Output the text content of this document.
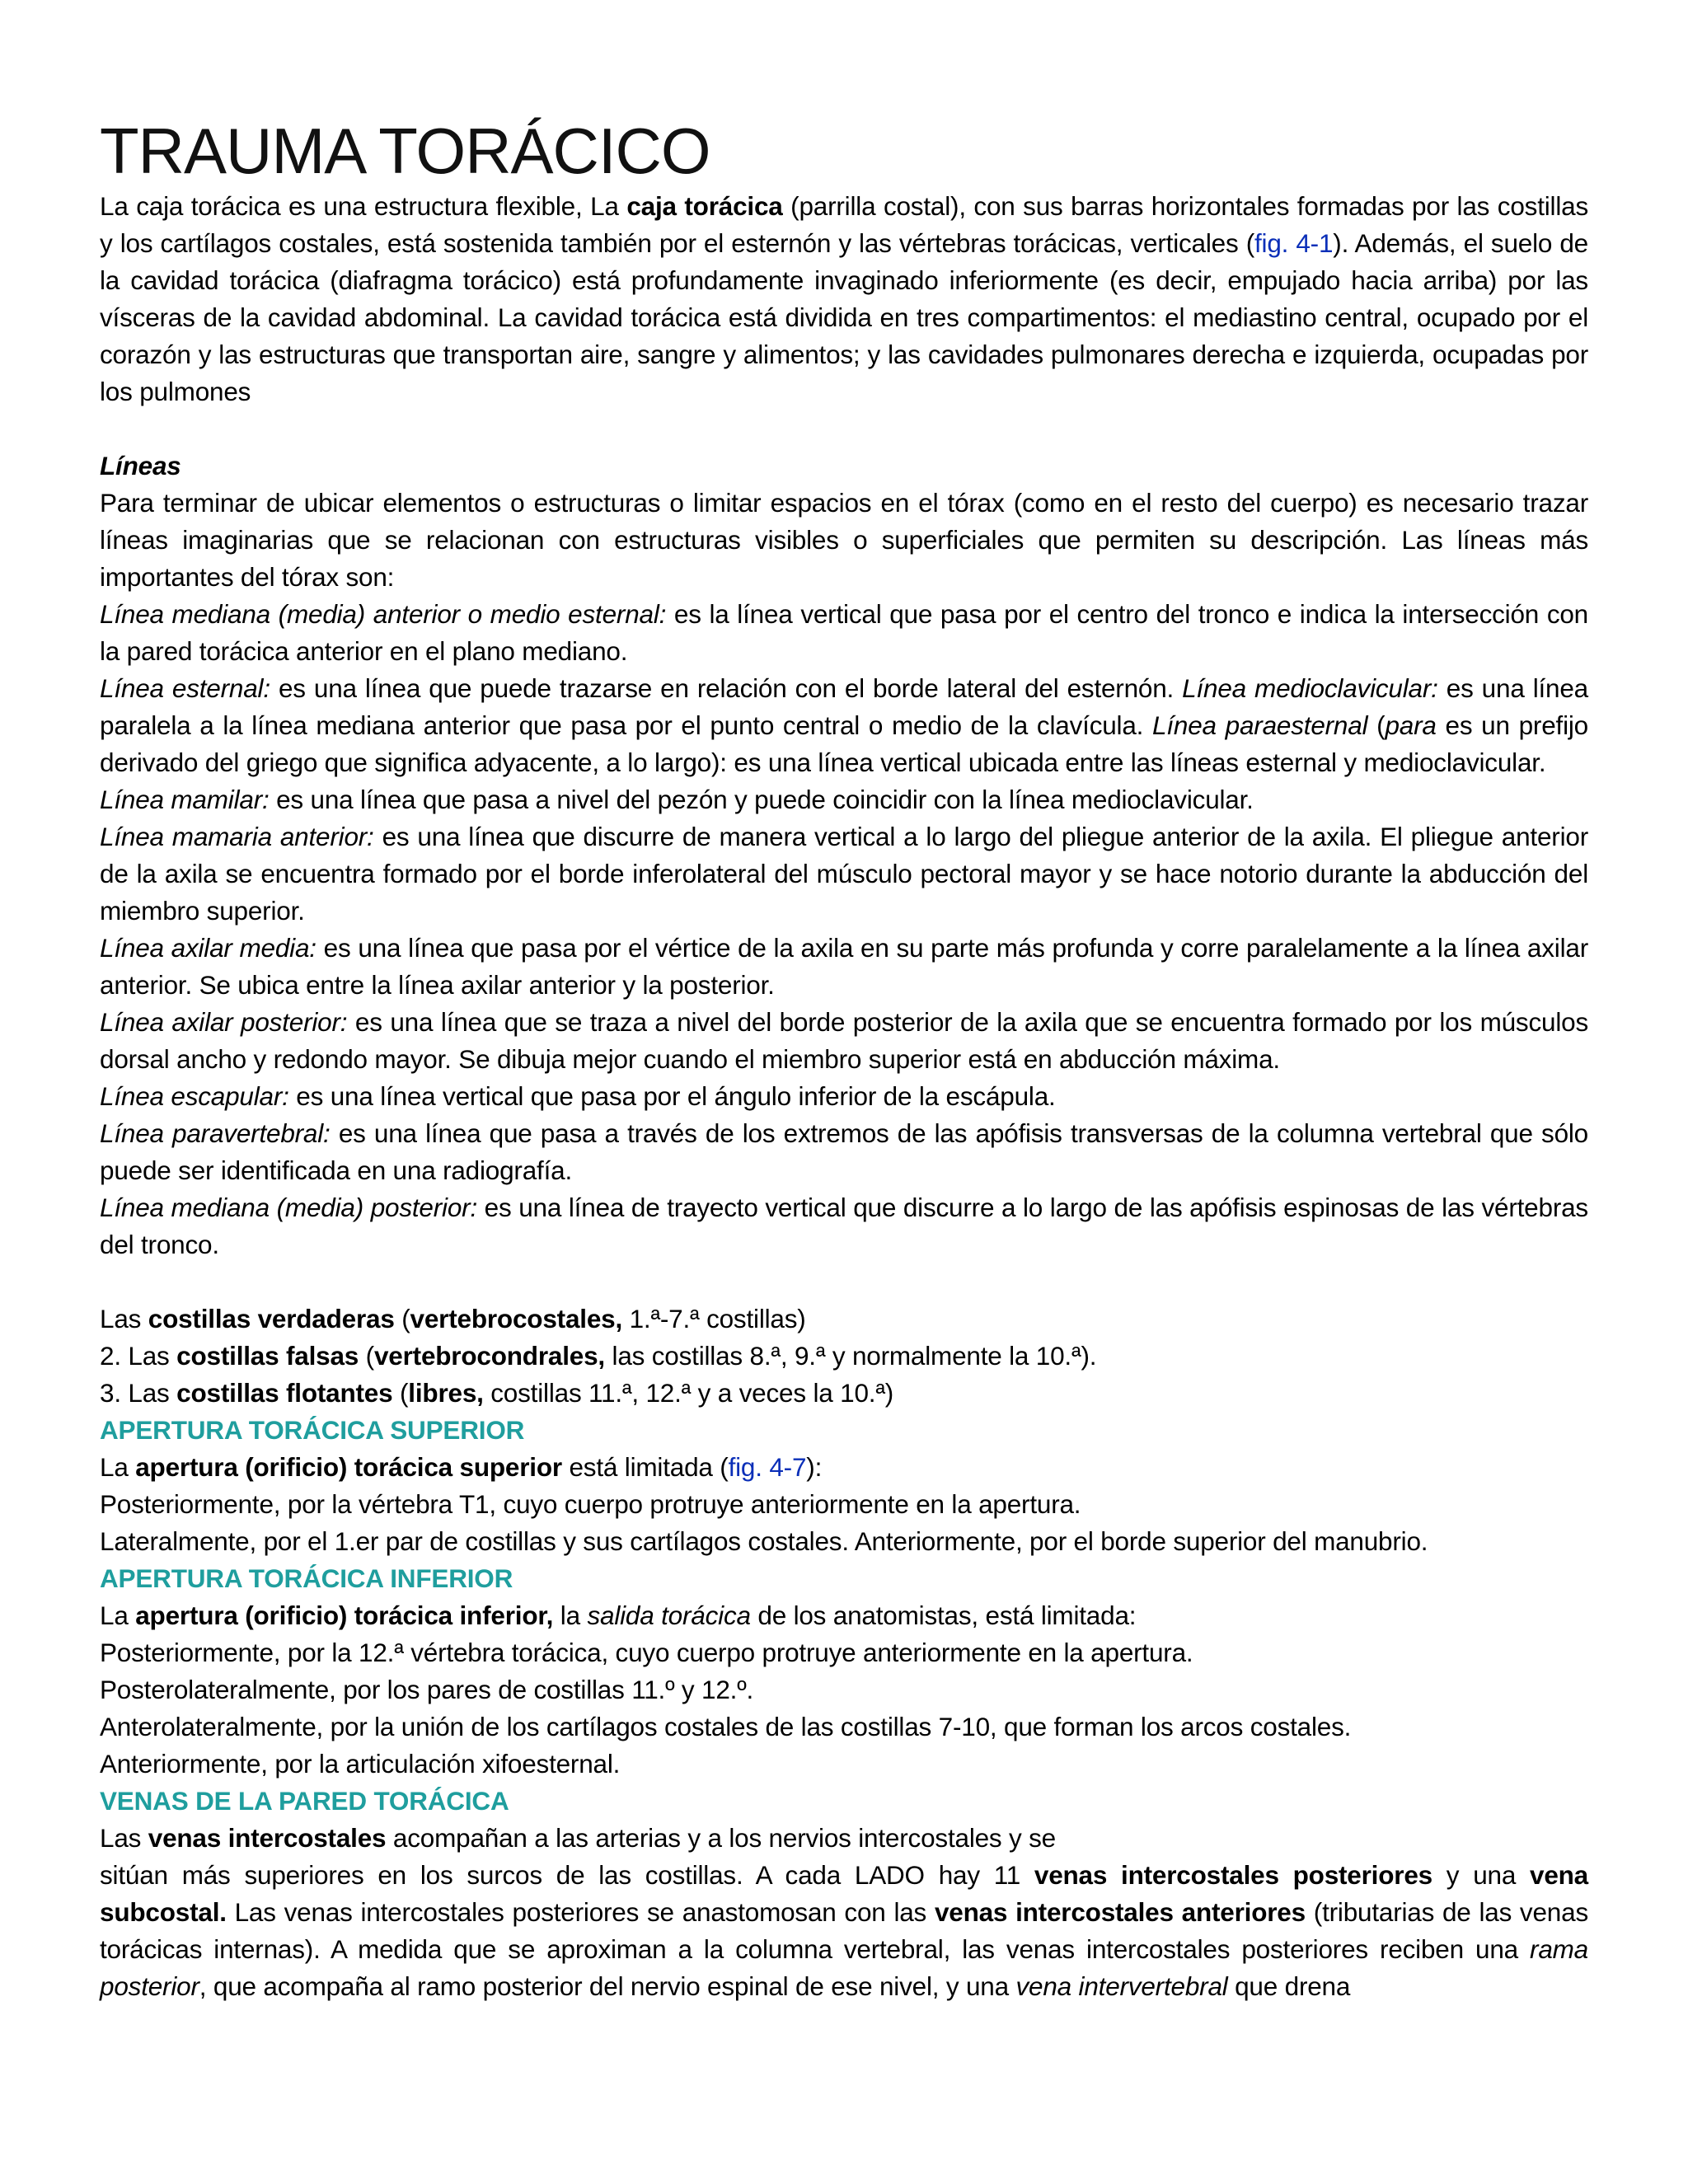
TRAUMA TORÁCICO

La caja torácica es una estructura flexible, La caja torácica (parrilla costal), con sus barras horizontales formadas por las costillas y los cartílagos costales, está sostenida también por el esternón y las vértebras torácicas, verticales (fig. 4-1). Además, el suelo de la cavidad torácica (diafragma torácico) está profundamente invaginado inferiormente (es decir, empujado hacia arriba) por las vísceras de la cavidad abdominal. La cavidad torácica está dividida en tres compartimentos: el mediastino central, ocupado por el corazón y las estructuras que transportan aire, sangre y alimentos; y las cavidades pulmonares derecha e izquierda, ocupadas por los pulmones

Líneas

Para terminar de ubicar elementos o estructuras o limitar espacios en el tórax (como en el resto del cuerpo) es necesario trazar líneas imaginarias que se relacionan con estructuras visibles o superficiales que permiten su descripción. Las líneas más importantes del tórax son:

Línea mediana (media) anterior o medio esternal: es la línea vertical que pasa por el centro del tronco e indica la intersección con la pared torácica anterior en el plano mediano.

Línea esternal: es una línea que puede trazarse en relación con el borde lateral del esternón. Línea medioclavicular: es una línea paralela a la línea mediana anterior que pasa por el punto central o medio de la clavícula. Línea paraesternal (para es un prefijo derivado del griego que significa adyacente, a lo largo): es una línea vertical ubicada entre las líneas esternal y medioclavicular.

Línea mamilar: es una línea que pasa a nivel del pezón y puede coincidir con la línea medioclavicular.

Línea mamaria anterior: es una línea que discurre de manera vertical a lo largo del pliegue anterior de la axila. El pliegue anterior de la axila se encuentra formado por el borde inferolateral del músculo pectoral mayor y se hace notorio durante la abducción del miembro superior.

Línea axilar media: es una línea que pasa por el vértice de la axila en su parte más profunda y corre paralelamente a la línea axilar anterior. Se ubica entre la línea axilar anterior y la posterior.

Línea axilar posterior: es una línea que se traza a nivel del borde posterior de la axila que se encuentra formado por los músculos dorsal ancho y redondo mayor. Se dibuja mejor cuando el miembro superior está en abducción máxima.

Línea escapular: es una línea vertical que pasa por el ángulo inferior de la escápula.

Línea paravertebral: es una línea que pasa a través de los extremos de las apófisis transversas de la columna vertebral que sólo puede ser identificada en una radiografía.

Línea mediana (media) posterior: es una línea de trayecto vertical que discurre a lo largo de las apófisis espinosas de las vértebras del tronco.

Las costillas verdaderas (vertebrocostales, 1.ª-7.ª costillas)

2. Las costillas falsas (vertebrocondrales, las costillas 8.ª, 9.ª y normalmente la 10.ª).

3. Las costillas flotantes (libres, costillas 11.ª, 12.ª y a veces la 10.ª)

APERTURA TORÁCICA SUPERIOR

La apertura (orificio) torácica superior está limitada (fig. 4-7):

Posteriormente, por la vértebra T1, cuyo cuerpo protruye anteriormente en la apertura.

Lateralmente, por el 1.er par de costillas y sus cartílagos costales. Anteriormente, por el borde superior del manubrio.

APERTURA TORÁCICA INFERIOR

La apertura (orificio) torácica inferior, la salida torácica de los anatomistas, está limitada:

Posteriormente, por la 12.ª vértebra torácica, cuyo cuerpo protruye anteriormente en la apertura.

Posterolateralmente, por los pares de costillas 11.º y 12.º.

Anterolateralmente, por la unión de los cartílagos costales de las costillas 7-10, que forman los arcos costales.

Anteriormente, por la articulación xifoesternal.

VENAS DE LA PARED TORÁCICA

Las venas intercostales acompañan a las arterias y a los nervios intercostales y se

sitúan más superiores en los surcos de las costillas. A cada LADO hay 11 venas intercostales posteriores y una vena subcostal. Las venas intercostales posteriores se anastomosan con las venas intercostales anteriores (tributarias de las venas torácicas internas). A medida que se aproximan a la columna vertebral, las venas intercostales posteriores reciben una rama posterior, que acompaña al ramo posterior del nervio espinal de ese nivel, y una vena intervertebral que drena
